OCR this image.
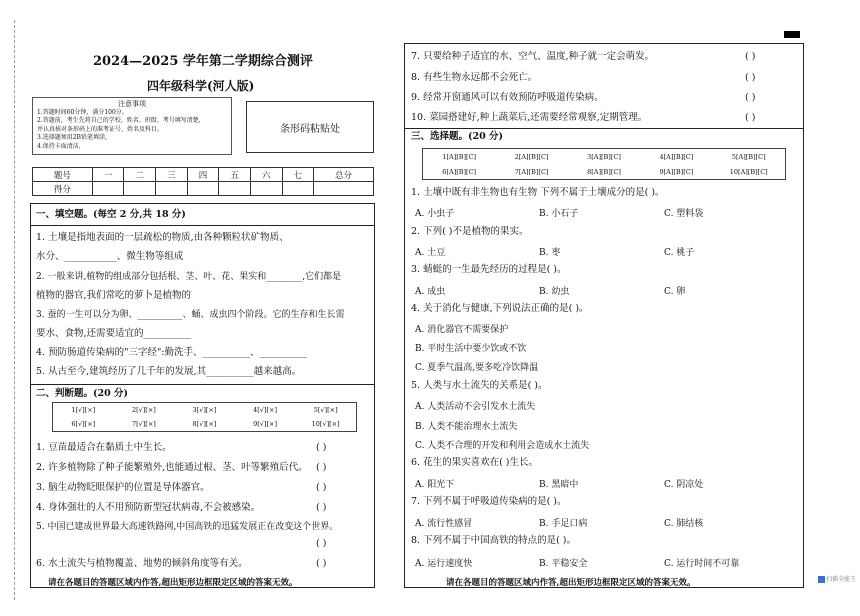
2024—2025 学年第二学期综合测评
四年级科学(河人版)
注意事项
1.答题时间60分钟，满分100分。
2.答题前，考生先将自己的学校、姓名、班级、考号填写清楚，
并认真核对条形码上的准考证号、姓名及科目。
3.选择题须用2B铅笔填涂，
4.保持卡面清洁，
条形码粘贴处
题号	一	二	三	四	五	六	七	总分
得分								
一、填空题。(每空 2 分,共 18 分)
1. 土壤是指地表面的一层疏松的物质,由各种颗粒状矿物质、
水分、___________、微生物等组成
2. 一般来讲,植物的组成部分包括根、茎、叶、花、果实和________,它们都是
植物的器官,我们常吃的萝卜是植物的
3. 蚕的一生可以分为卵、__________、蛹、成虫四个阶段。它的生存和生长需
要水、食物,还需要适宜的__________
4. 预防肠道传染病的"三字经":勤洗手、__________、__________
5. 从古至今,建筑经历了几千年的发展,其__________越来越高。
二、判断题。(20 分)
1[√][×]	2[√][×]	3[√][×]	4[√][×]	5[√][×]
6[√][×]	7[√][×]	8[√][×]	9[√][×]	10[√][×]
1. 豆苗最适合在黏质土中生长。	( )
2. 许多植物除了种子能繁殖外,也能通过根、茎、叶等繁殖后代。 ( )
3. 脑生动物眨眼保护的位置是导体器官。	( )
4. 身体强壮的人不用预防新型冠状病毒,不会被感染。	( )
5. 中国已建成世界最大高速铁路网,中国高铁的迅猛发展正在改变这个世界。
( )
6. 水土流失与植物覆盖、地势的倾斜角度等有关。	( )
请在各题目的答题区域内作答,超出矩形边框限定区域的答案无效。
7. 只要给种子适宜的水、空气、温度,种子就一定会萌发。	( )
8. 有些生物永远都不会死亡。	( )
9. 经常开窗通风可以有效预防呼吸道传染病。	( )
10. 菜园搭建好,种上蔬菜后,还需要经常观察,定期管理。	( )
三、选择题。(20 分)
1[A][B][C]	2[A][B][C]	3[A][B][C]	4[A][B][C]	5[A][B][C]
6[A][B][C]	7[A][B][C]	8[A][B][C]	9[A][B][C]	10[A][B][C]
1. 土壤中既有非生物也有生物 下列不属于土壤成分的是( )。
A. 小虫子	B. 小石子	C. 塑料袋
2. 下列( )不是植物的果实。
A. 土豆	B. 枣	C. 桃子
3. 蜻蜓的一生最先经历的过程是( )。
A. 成虫	B. 幼虫	C. 卵
4. 关于消化与健康,下列说法正确的是( )。
A. 消化器官不需要保护
B. 平时生活中要少饮或不饮
C. 夏季气温高,要多吃冷饮降温
5. 人类与水土流失的关系是( )。
A. 人类活动不会引发水土流失
B. 人类不能治理水土流失
C. 人类不合理的开发和利用会造成水土流失
6. 花生的果实喜欢在( )生长。
A. 阳光下	B. 黑暗中	C. 阴凉处
7. 下列不属于呼吸道传染病的是( )。
A. 流行性感冒	B. 手足口病	C. 肺结核
8. 下列不属于中国高铁的特点的是( )。
A. 运行速度快	B. 平稳安全	C. 运行时间不可靠
请在各题目的答题区域内作答,超出矩形边框限定区域的答案无效。	扫描全能王
